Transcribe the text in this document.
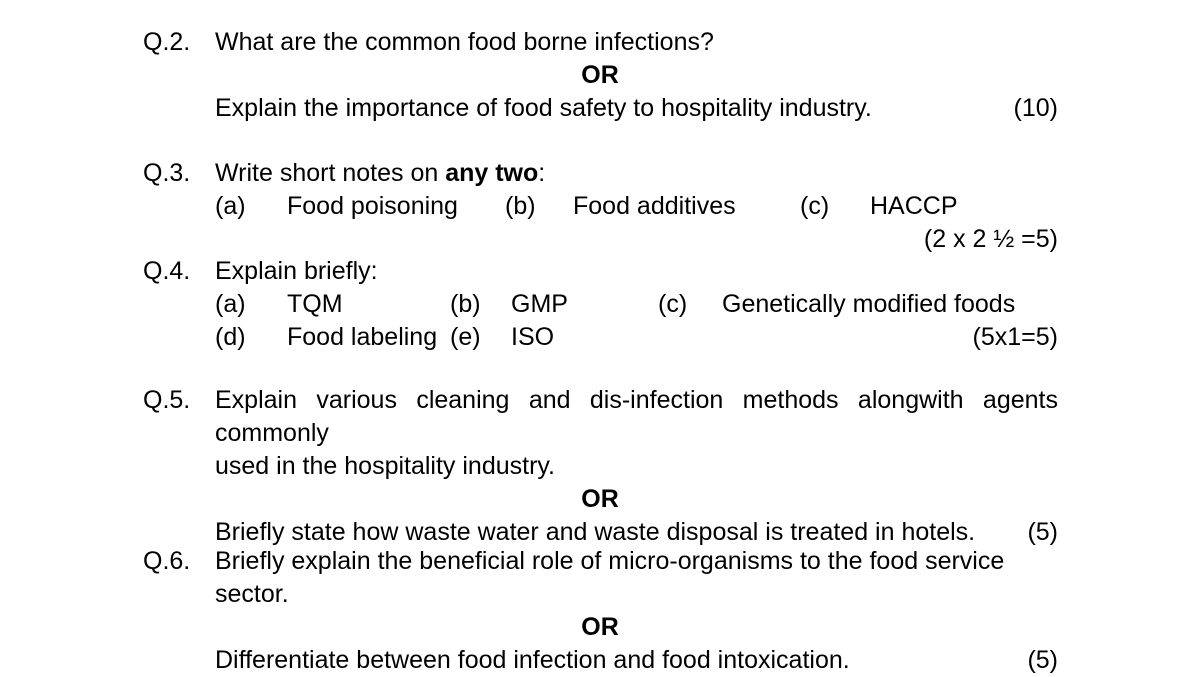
Q.2. What are the common food borne infections?
OR
Explain the importance of food safety to hospitality industry.	(10)
Q.3. Write short notes on any two:
(a) Food poisoning (b) Food additives	(c) HACCP
(2 x 2 ½ =5)
Q.4. Explain briefly:
(a) TQM	(b) GMP	(c) Genetically modified foods
(d) Food labeling (e) ISO	(5x1=5)
Q.5. Explain various cleaning and dis-infection methods alongwith agents commonly
used in the hospitality industry.
OR
Briefly state how waste water and waste disposal is treated in hotels. (5)
Q.6. Briefly explain the beneficial role of micro-organisms to the food service sector.
OR
Differentiate between food infection and food intoxication.	(5)
